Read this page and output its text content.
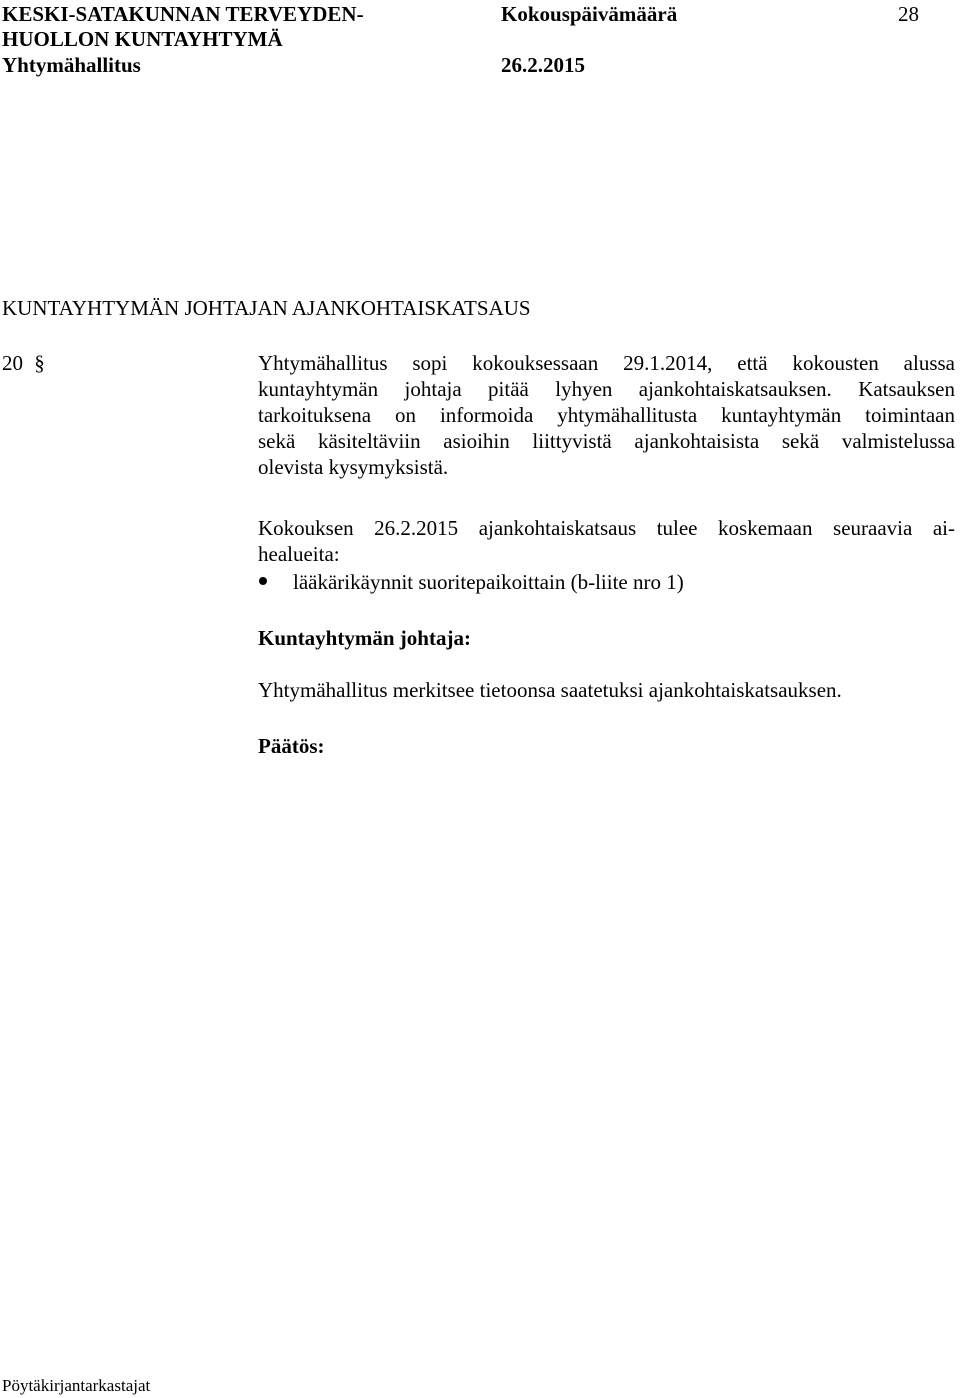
KESKI-SATAKUNNAN TERVEYDEN-
HUOLLON KUNTAYHTYMÄ
Yhtymähallitus
Kokouspäivämäärä
26.2.2015
28
KUNTAYHTYMÄN JOHTAJAN AJANKOHTAISKATSAUS
20 §	Yhtymähallitus sopi kokouksessaan 29.1.2014, että kokousten alussa
kuntayhtymän johtaja pitää lyhyen ajankohtaiskatsauksen. Katsauksen
tarkoituksena on informoida yhtymähallitusta kuntayhtymän toimintaan
sekä käsiteltäviin asioihin liittyvistä ajankohtaisista sekä valmistelussa
olevista kysymyksistä.
Kokouksen 26.2.2015 ajankohtaiskatsaus tulee koskemaan seuraavia ai-
healueita:
lääkärikäynnit suoritepaikoittain (b-liite nro 1)
Kuntayhtymän johtaja:
Yhtymähallitus merkitsee tietoonsa saatetuksi ajankohtaiskatsauksen.
Päätös:
Pöytäkirjantarkastajat
